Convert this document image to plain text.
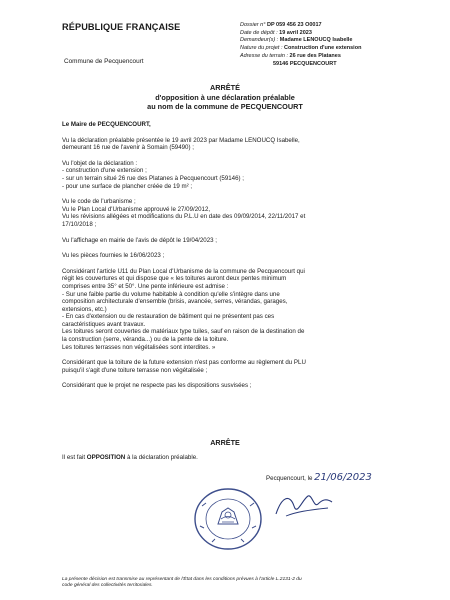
RÉPUBLIQUE FRANÇAISE
Commune de Pecquencourt
Dossier n° DP 059 456 23 O0017
Date de dépôt : 19 avril 2023
Demandeur(s) : Madame LENOUCQ Isabelle
Nature du projet : Construction d'une extension
Adresse du terrain : 26 rue des Platanes
59146 PECQUENCOURT
ARRÊTÉ
d'opposition à une déclaration préalable
au nom de la commune de PECQUENCOURT

Le Maire de PECQUENCOURT,

Vu la déclaration préalable présentée le 19 avril 2023 par Madame LENOUCQ Isabelle,

demeurant 16 rue de l'avenir à Somain (59490) ;

Vu l'objet de la déclaration :

- construction d'une extension ;

- sur un terrain situé 26 rue des Platanes à Pecquencourt (59146) ;

- pour une surface de plancher créée de 19 m² ;

Vu le code de l'urbanisme ;

Vu le Plan Local d'Urbanisme approuvé le 27/09/2012,

Vu les révisions allégées et modifications du P.L.U en date des 09/09/2014, 22/11/2017 et

17/10/2018 ;

Vu l'affichage en mairie de l'avis de dépôt le 19/04/2023 ;

Vu les pièces fournies le 16/06/2023 ;

Considérant l'article U11 du Plan Local d'Urbanisme de la commune de Pecquencourt qui

régit les couvertures et qui dispose que « les toitures auront deux pentes minimum

comprises entre 35° et 50°. Une pente inférieure est admise :

- Sur une faible partie du volume habitable à condition qu'elle s'intègre dans une

composition architecturale d'ensemble (brisis, avancée, serres, vérandas, garages,

extensions, etc.)

- En cas d'extension ou de restauration de bâtiment qui ne présentent pas ces

caractéristiques avant travaux.

Les toitures seront couvertes de matériaux type tuiles, sauf en raison de la destination de

la construction (serre, véranda...) ou de la pente de la toiture.

Les toitures terrasses non végétalisées sont interdites. »

Considérant que la toiture de la future extension n'est pas conforme au règlement du PLU

puisqu'il s'agit d'une toiture terrasse non végétalisée ;

Considérant que le projet ne respecte pas les dispositions susvisées ;

ARRÊTE
Il est fait OPPOSITION à la déclaration préalable.
Pecquencourt, le 21/06/2023
La présente décision est transmise au représentant de l'État dans les conditions prévues à l'article L.2131-2 du
code général des collectivités territoriales.
